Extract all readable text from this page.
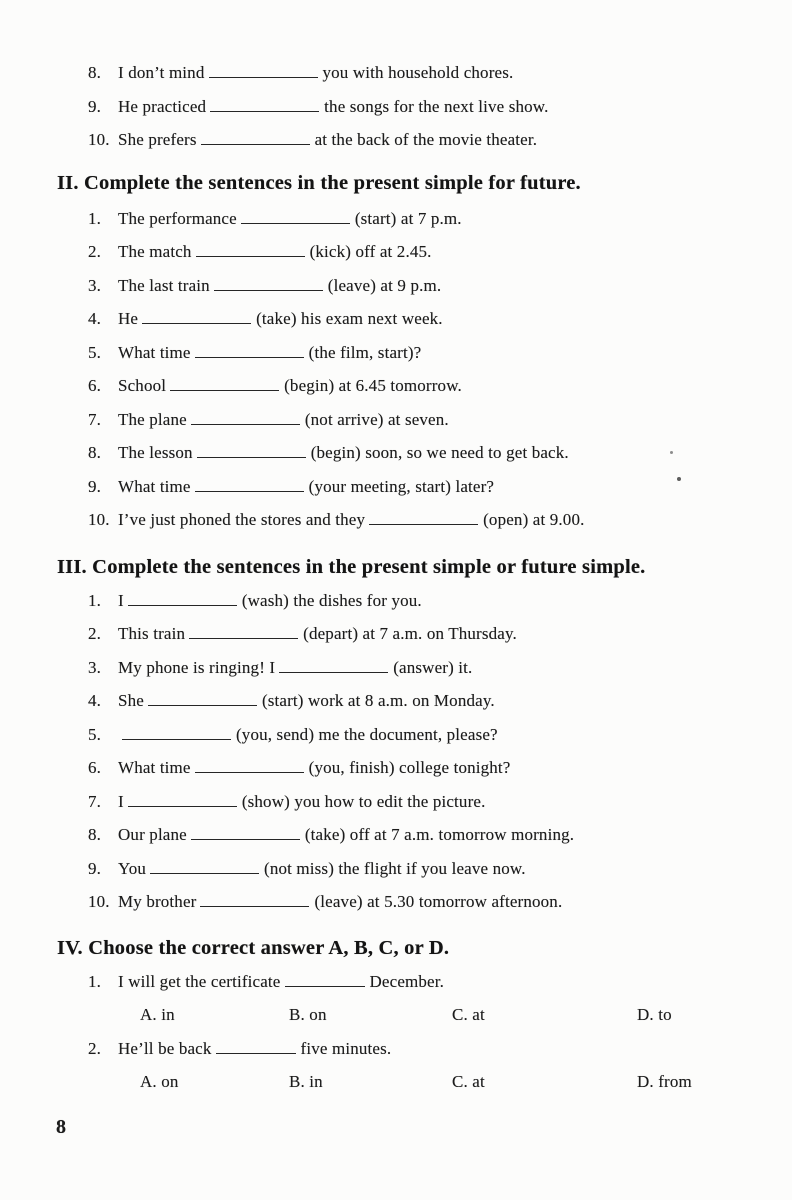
8. I don’t mind	you with household chores.
9. He practiced	the songs for the next live show.
10. She prefers	at the back of the movie theater.
II. Complete the sentences in the present simple for future.
1. The performance	(start) at 7 p.m.
2. The match	(kick) off at 2.45.
3. The last train	(leave) at 9 p.m.
4. He	(take) his exam next week.
5. What time	(the film, start)?
6. School	(begin) at 6.45 tomorrow.
7. The plane	(not arrive) at seven.
8. The lesson	(begin) soon, so we need to get back.
9. What time	(your meeting, start) later?
10. I’ve just phoned the stores and they	(open) at 9.00.
III. Complete the sentences in the present simple or future simple.
1. I	(wash) the dishes for you.
2. This train	(depart) at 7 a.m. on Thursday.
3. My phone is ringing! I	(answer) it.
4. She	(start) work at 8 a.m. on Monday.
5.	(you, send) me the document, please?
6. What time	(you, finish) college tonight?
7. I	(show) you how to edit the picture.
8. Our plane	(take) off at 7 a.m. tomorrow morning.
9. You	(not miss) the flight if you leave now.
10. My brother	(leave) at 5.30 tomorrow afternoon.
IV. Choose the correct answer A, B, C, or D.
1. I will get the certificate	December.
A. in	B. on	C. at	D. to
2. He’ll be back	five minutes.
A. on	B. in	C. at	D. from
8
